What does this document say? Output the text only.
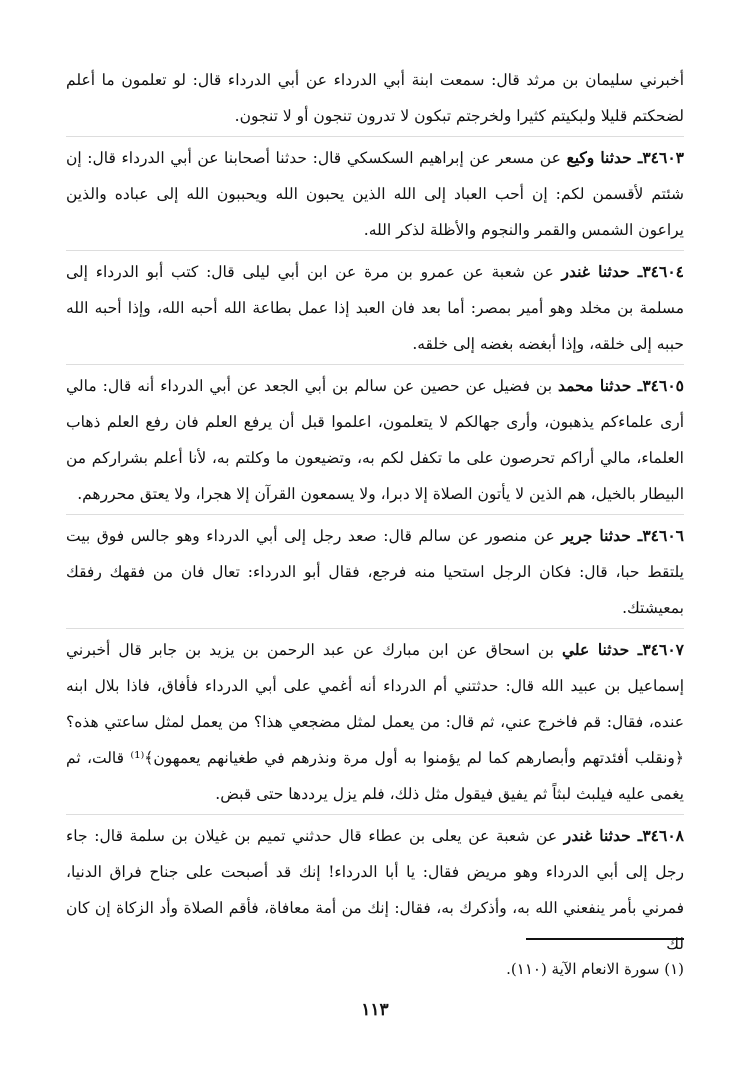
أخبرني سليمان بن مرثد قال: سمعت ابنة أبي الدرداء عن أبي الدرداء قال: لو تعلمون ما أعلم لضحكتم قليلا ولبكيتم كثيرا ولخرجتم تبكون لا تدرون تنجون أو لا تنجون.

٣٤٦٠٣ـ حدثنا وكيع عن مسعر عن إبراهيم السكسكي قال: حدثنا أصحابنا عن أبي الدرداء قال: إن شئتم لأقسمن لكم: إن أحب العباد إلى الله الذين يحبون الله ويحببون الله إلى عباده والذين يراعون الشمس والقمر والنجوم والأظلة لذكر الله.

٣٤٦٠٤ـ حدثنا غندر عن شعبة عن عمرو بن مرة عن ابن أبي ليلى قال: كتب أبو الدرداء إلى مسلمة بن مخلد وهو أمير بمصر: أما بعد فان العبد إذا عمل بطاعة الله أحبه الله، وإذا أحبه الله حببه إلى خلقه، وإذا أبغضه بغضه إلى خلقه.

٣٤٦٠٥ـ حدثنا محمد بن فضيل عن حصين عن سالم بن أبي الجعد عن أبي الدرداء أنه قال: مالي أرى علماءكم يذهبون، وأرى جهالكم لا يتعلمون، اعلموا قبل أن يرفع العلم فان رفع العلم ذهاب العلماء، مالي أراكم تحرصون على ما تكفل لكم به، وتضيعون ما وكلتم به، لأنا أعلم بشراركم من البيطار بالخيل، هم الذين لا يأتون الصلاة إلا دبرا، ولا يسمعون القرآن إلا هجرا، ولا يعتق محررهم.

٣٤٦٠٦ـ حدثنا جرير عن منصور عن سالم قال: صعد رجل إلى أبي الدرداء وهو جالس فوق بيت يلتقط حبا، قال: فكان الرجل استحيا منه فرجع، فقال أبو الدرداء: تعال فان من فقهك رفقك بمعيشتك.

٣٤٦٠٧ـ حدثنا علي بن اسحاق عن ابن مبارك عن عبد الرحمن بن يزيد بن جابر قال أخبرني إسماعيل بن عبيد الله قال: حدثتني أم الدرداء أنه أغمي على أبي الدرداء فأفاق، فاذا بلال ابنه عنده، فقال: قم فاخرج عني، ثم قال: من يعمل لمثل مضجعي هذا؟ من يعمل لمثل ساعتي هذه؟﴿ونقلب أفئدتهم وأبصارهم كما لم يؤمنوا به أول مرة ونذرهم في طغيانهم يعمهون﴾⁽¹⁾ قالت، ثم يغمى عليه فيلبث لبثاً ثم يفيق فيقول مثل ذلك، فلم يزل يرددها حتى قبض.

٣٤٦٠٨ـ حدثنا غندر عن شعبة عن يعلى بن عطاء قال حدثني تميم بن غيلان بن سلمة قال: جاء رجل إلى أبي الدرداء وهو مريض فقال: يا أبا الدرداء! إنك قد أصبحت على جناح فراق الدنيا، فمرني بأمر ينفعني الله به، وأذكرك به، فقال: إنك من أمة معافاة، فأقم الصلاة وأد الزكاة إن كان لك

(١) سورة الانعام الآية (١١٠).
١١٣
